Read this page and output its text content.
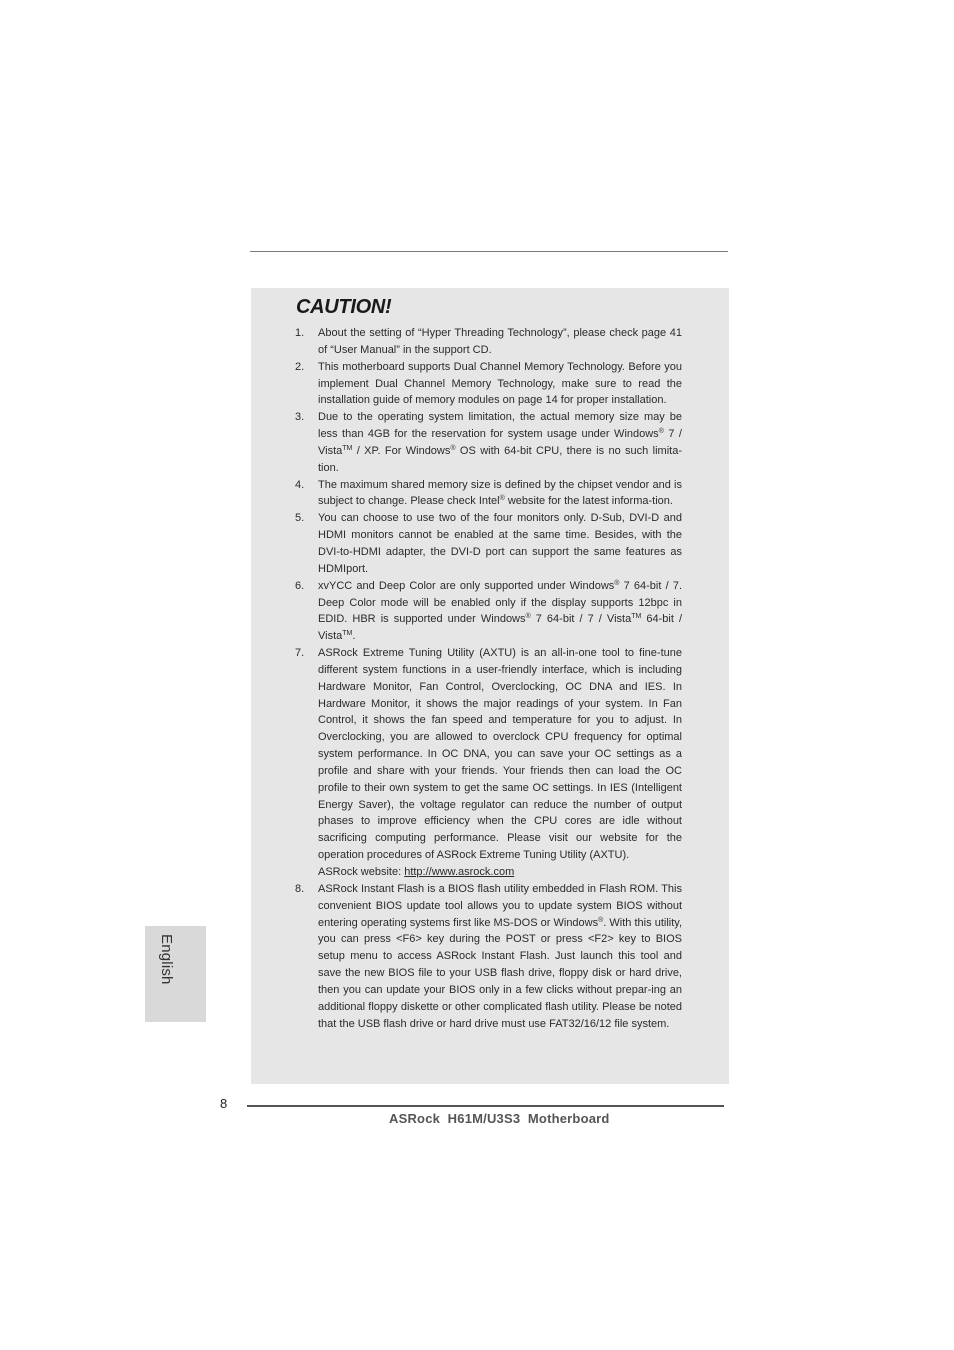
CAUTION!
1. About the setting of “Hyper Threading Technology”, please check page 41 of “User Manual” in the support CD.
2. This motherboard supports Dual Channel Memory Technology. Before you implement Dual Channel Memory Technology, make sure to read the installation guide of memory modules on page 14 for proper installation.
3. Due to the operating system limitation, the actual memory size may be less than 4GB for the reservation for system usage under Windows® 7 / Vista™ / XP. For Windows® OS with 64-bit CPU, there is no such limita-tion.
4. The maximum shared memory size is defined by the chipset vendor and is subject to change. Please check Intel® website for the latest informa-tion.
5. You can choose to use two of the four monitors only. D-Sub, DVI-D and HDMI monitors cannot be enabled at the same time. Besides, with the DVI-to-HDMI adapter, the DVI-D port can support the same features as HDMIport.
6. xvYCC and Deep Color are only supported under Windows® 7 64-bit / 7. Deep Color mode will be enabled only if the display supports 12bpc in EDID. HBR is supported under Windows® 7 64-bit / 7 / Vista™ 64-bit / Vista™.
7. ASRock Extreme Tuning Utility (AXTU) is an all-in-one tool to fine-tune different system functions in a user-friendly interface, which is including Hardware Monitor, Fan Control, Overclocking, OC DNA and IES. In Hardware Monitor, it shows the major readings of your system. In Fan Control, it shows the fan speed and temperature for you to adjust. In Overclocking, you are allowed to overclock CPU frequency for optimal system performance. In OC DNA, you can save your OC settings as a profile and share with your friends. Your friends then can load the OC profile to their own system to get the same OC settings. In IES (Intelligent Energy Saver), the voltage regulator can reduce the number of output phases to improve efficiency when the CPU cores are idle without sacrificing computing performance. Please visit our website for the operation procedures of ASRock Extreme Tuning Utility (AXTU).
ASRock website: http://www.asrock.com
8. ASRock Instant Flash is a BIOS flash utility embedded in Flash ROM. This convenient BIOS update tool allows you to update system BIOS without entering operating systems first like MS-DOS or Windows®. With this utility, you can press <F6> key during the POST or press <F2> key to BIOS setup menu to access ASRock Instant Flash. Just launch this tool and save the new BIOS file to your USB flash drive, floppy disk or hard drive, then you can update your BIOS only in a few clicks without prepar-ing an additional floppy diskette or other complicated flash utility. Please be noted that the USB flash drive or hard drive must use FAT32/16/12 file system.
English
8
ASRock  H61M/U3S3  Motherboard
